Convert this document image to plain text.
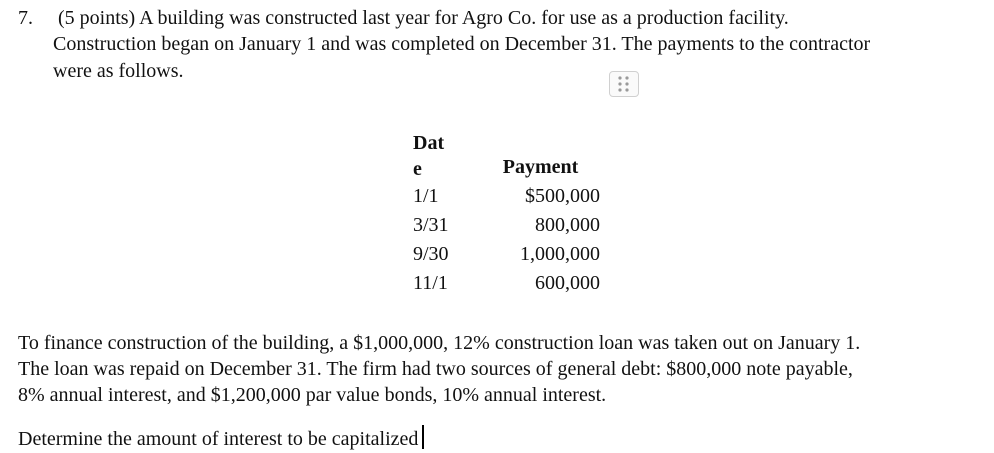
7. (5 points) A building was constructed last year for Agro Co. for use as a production facility.
Construction began on January 1 and was completed on December 31. The payments to the contractor
were as follows.
Date	Payment
1/1	$500,000
3/31	800,000
9/30	1,000,000
11/1	600,000
To finance construction of the building, a $1,000,000, 12% construction loan was taken out on January 1.
The loan was repaid on December 31. The firm had two sources of general debt: $800,000 note payable,
8% annual interest, and $1,200,000 par value bonds, 10% annual interest.
Determine the amount of interest to be capitalized
